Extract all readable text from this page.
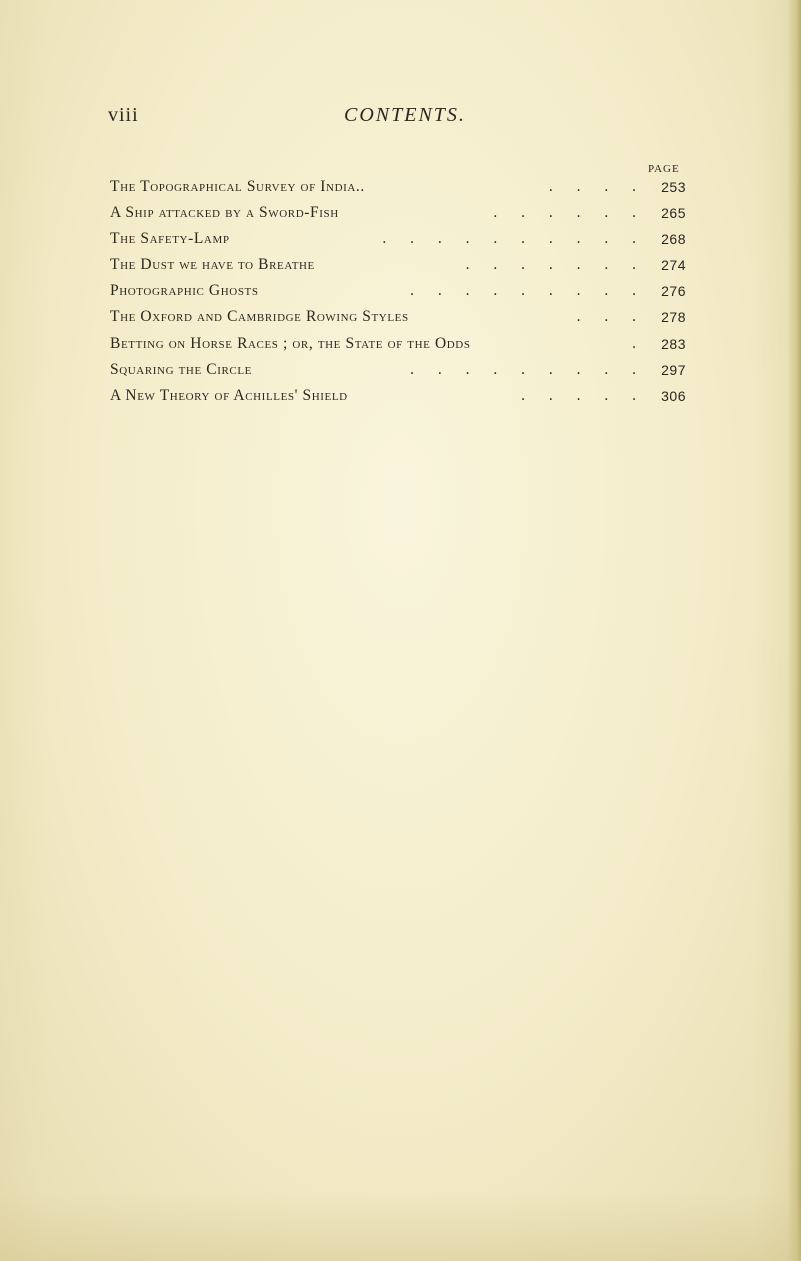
viii	CONTENTS.
PAGE
The Topographical Survey of India..	. . . . 253
A Ship attacked by a Sword-Fish	. . . . . . 265
The Safety-Lamp	. . . . . . . . . . 268
The Dust we have to Breathe	. . . . . . . 274
Photographic Ghosts	. . . . . . . . . 276
The Oxford and Cambridge Rowing Styles	. . . 278
Betting on Horse Races ; or, the State of the Odds	. 283
Squaring the Circle	. . . . . . . . . 297
A New Theory of Achilles' Shield	. . . . . 306
